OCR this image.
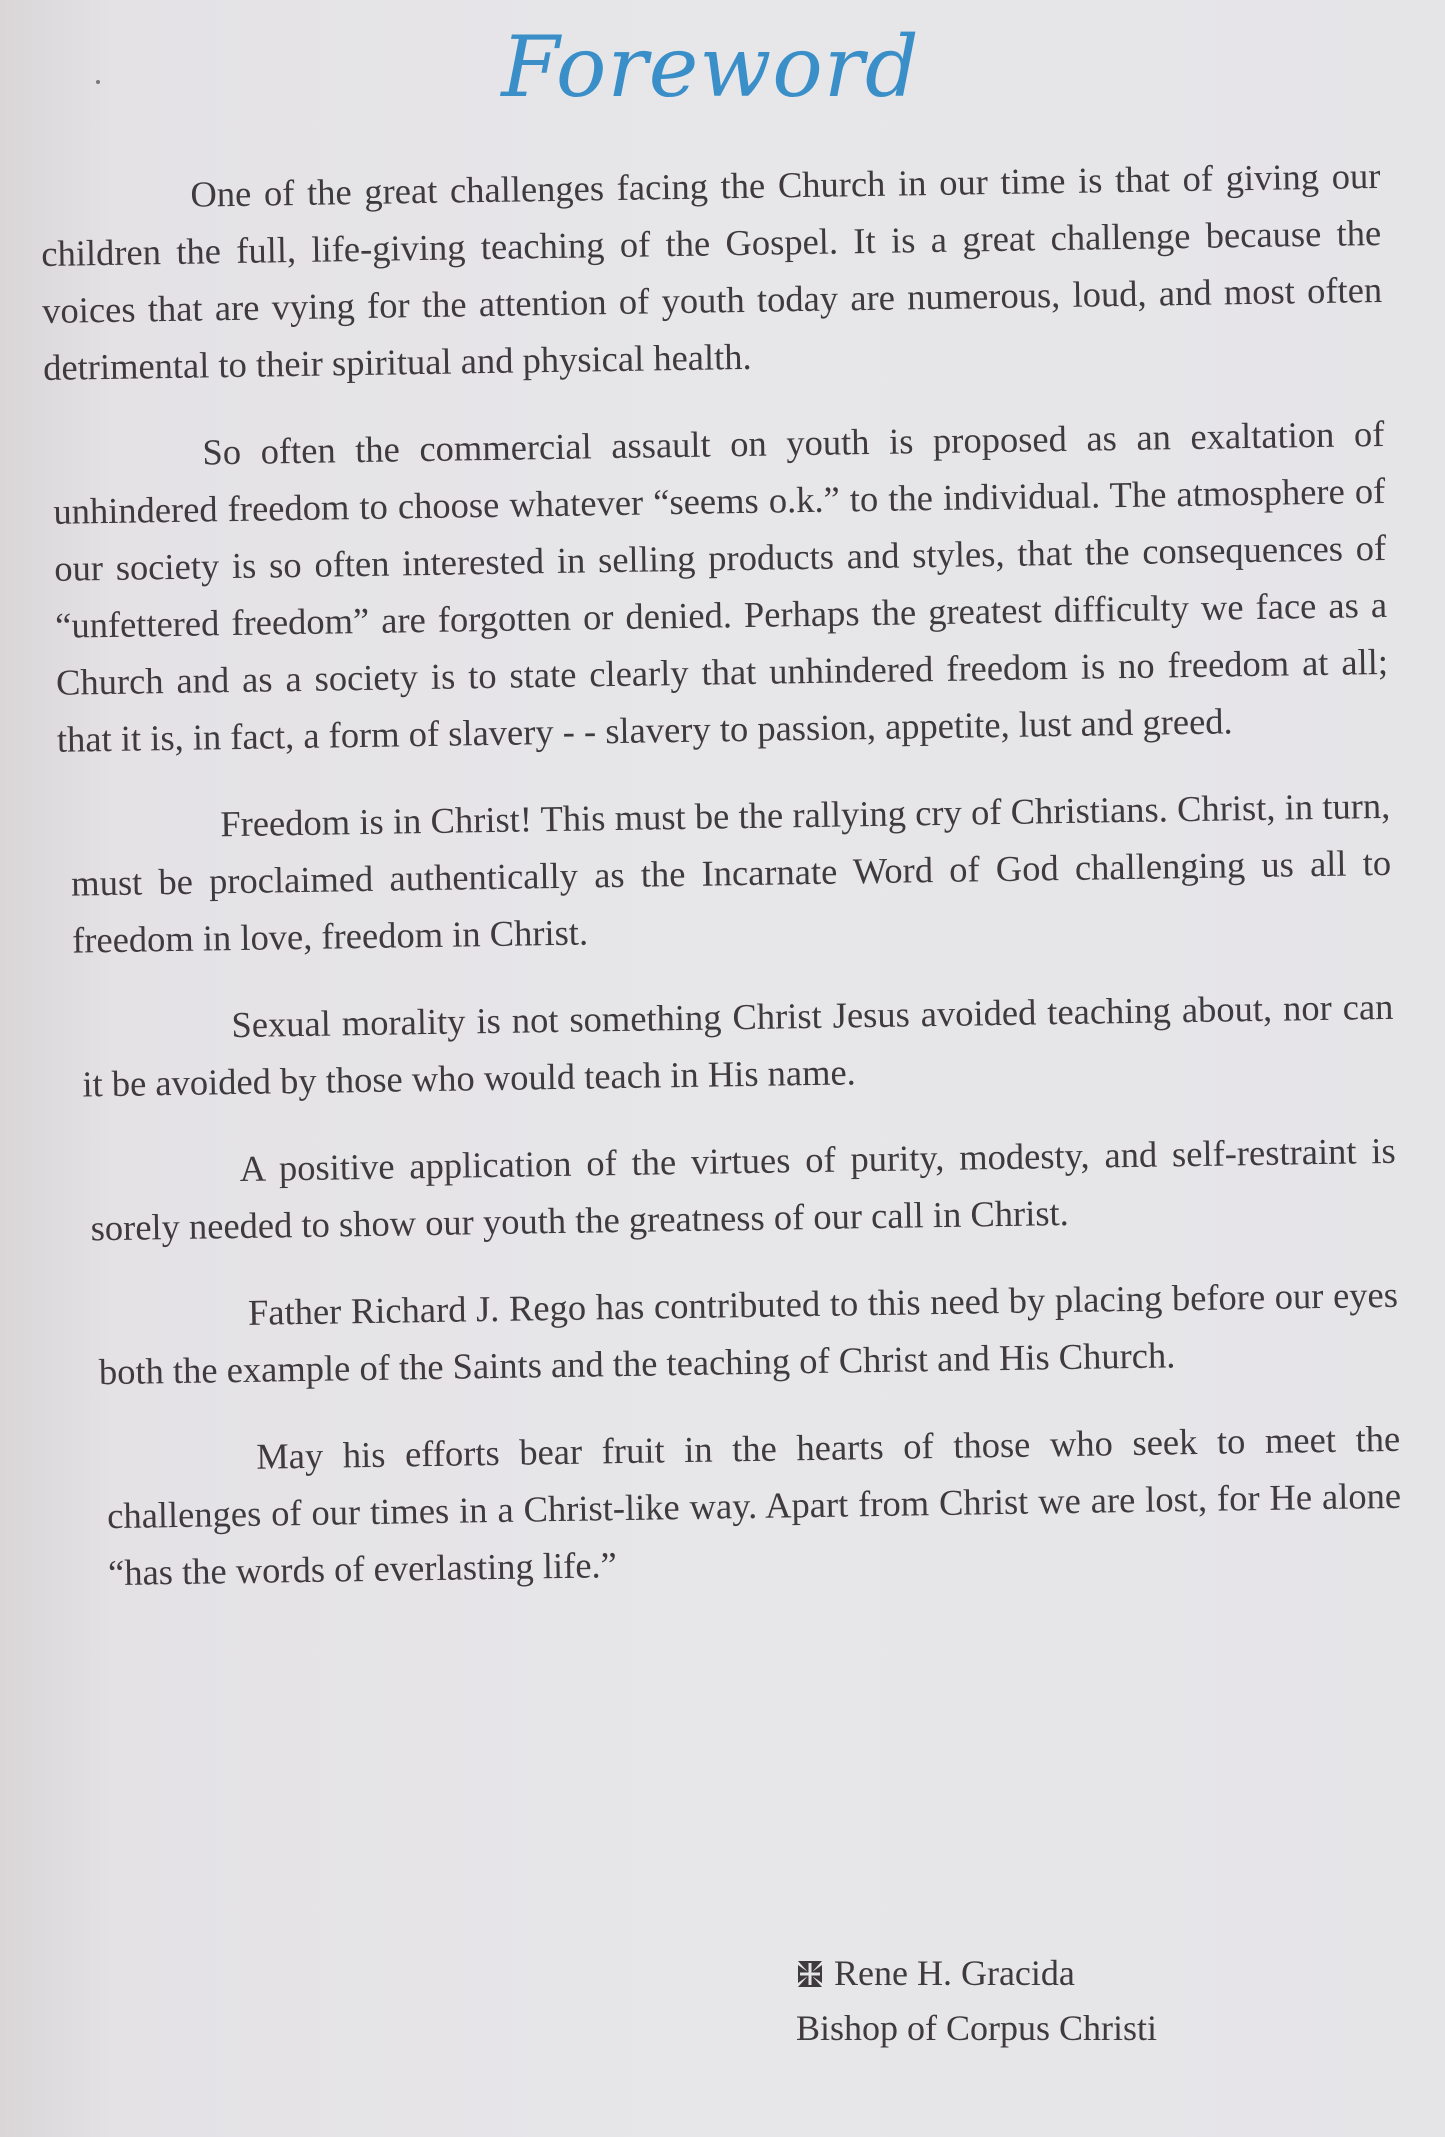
Foreword

One of the great challenges facing the Church in our time is that of giving our children the full, life-giving teaching of the Gospel. It is a great challenge because the voices that are vying for the attention of youth today are numerous, loud, and most often detrimental to their spiritual and physical health.

So often the commercial assault on youth is proposed as an exaltation of unhindered freedom to choose whatever “seems o.k.” to the individual. The atmosphere of our society is so often interested in selling products and styles, that the consequences of “unfettered freedom” are forgotten or denied. Perhaps the greatest difficulty we face as a Church and as a society is to state clearly that unhindered freedom is no freedom at all; that it is, in fact, a form of slavery - - slavery to passion, appetite, lust and greed.

Freedom is in Christ! This must be the rallying cry of Christians. Christ, in turn, must be proclaimed authentically as the Incarnate Word of God challenging us all to freedom in love, freedom in Christ.

Sexual morality is not something Christ Jesus avoided teaching about, nor can it be avoided by those who would teach in His name.

A positive application of the virtues of purity, modesty, and self-restraint is sorely needed to show our youth the greatness of our call in Christ.

Father Richard J. Rego has contributed to this need by placing before our eyes both the example of the Saints and the teaching of Christ and His Church.

May his efforts bear fruit in the hearts of those who seek to meet the challenges of our times in a Christ-like way. Apart from Christ we are lost, for He alone “has the words of everlasting life.”

Rene H. Gracida
Bishop of Corpus Christi
